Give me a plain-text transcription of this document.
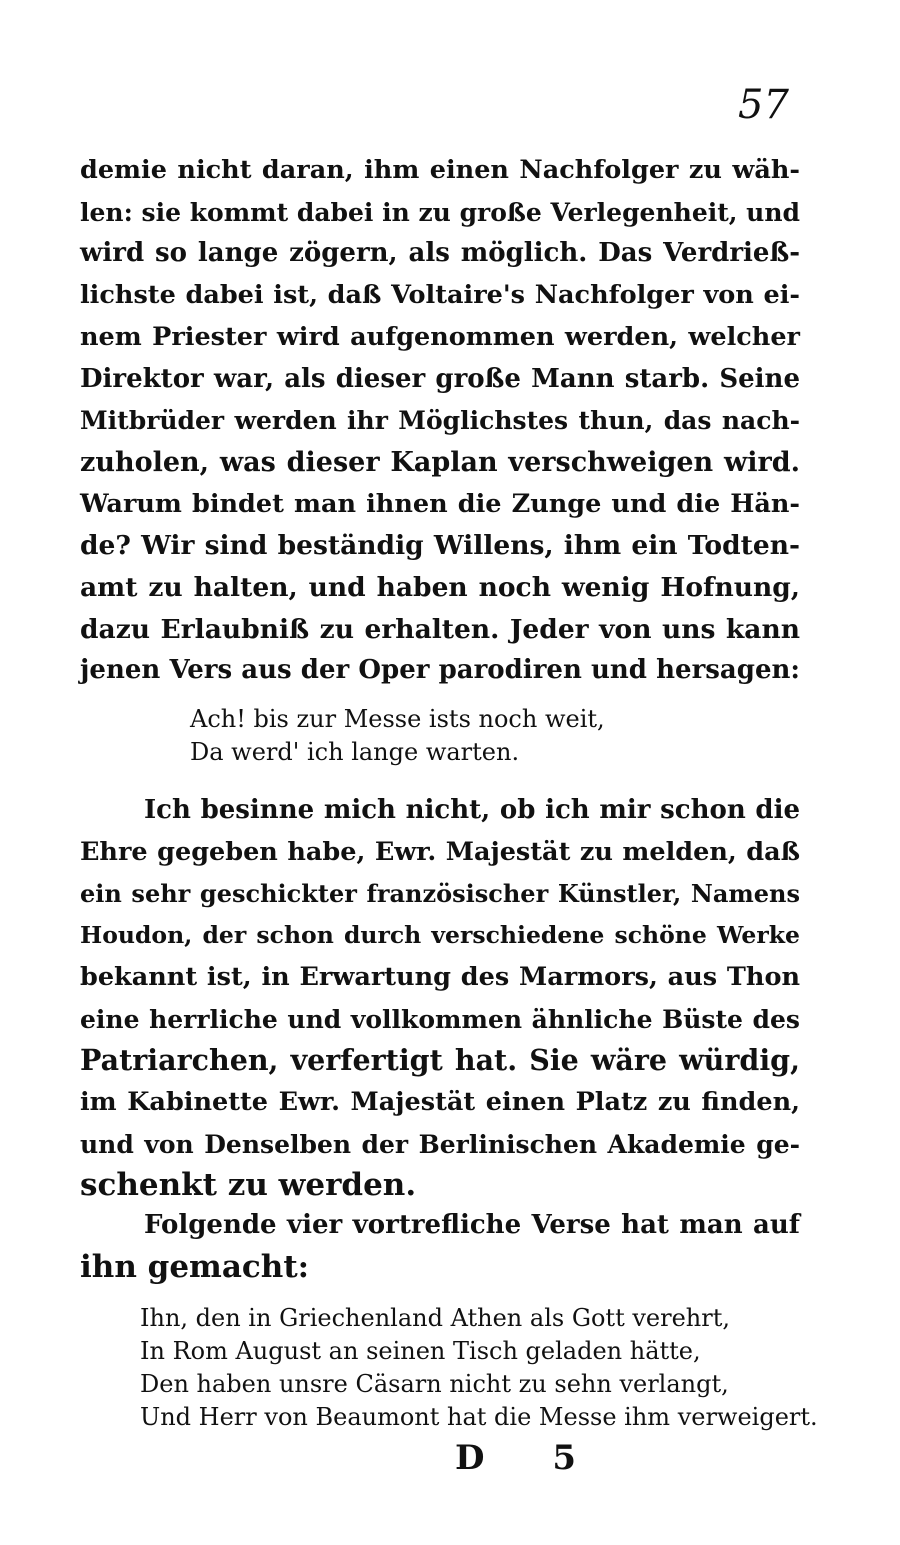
57
demie nicht daran, ihm einen Nachfolger zu wäh-
len: sie kommt dabei in zu große Verlegenheit, und
wird so lange zögern, als möglich. Das Verdrieß-
lichste dabei ist, daß Voltaire's Nachfolger von ei-
nem Priester wird aufgenommen werden, welcher
Direktor war, als dieser große Mann starb. Seine
Mitbrüder werden ihr Möglichstes thun, das nach-
zuholen, was dieser Kaplan verschweigen wird.
Warum bindet man ihnen die Zunge und die Hän-
de? Wir sind beständig Willens, ihm ein Todten-
amt zu halten, und haben noch wenig Hofnung,
dazu Erlaubniß zu erhalten. Jeder von uns kann
jenen Vers aus der Oper parodiren und hersagen:
Ach! bis zur Messe ists noch weit,
Da werd' ich lange warten.
Ich besinne mich nicht, ob ich mir schon die
Ehre gegeben habe, Ewr. Majestät zu melden, daß
ein sehr geschickter französischer Künstler, Namens
Houdon, der schon durch verschiedene schöne Werke
bekannt ist, in Erwartung des Marmors, aus Thon
eine herrliche und vollkommen ähnliche Büste des
Patriarchen, verfertigt hat. Sie wäre würdig,
im Kabinette Ewr. Majestät einen Platz zu finden,
und von Denselben der Berlinischen Akademie ge-
schenkt zu werden.
Folgende vier vortrefliche Verse hat man auf
ihn gemacht:
Ihn, den in Griechenland Athen als Gott verehrt,
In Rom August an seinen Tisch geladen hätte,
Den haben unsre Cäsarn nicht zu sehn verlangt,
Und Herr von Beaumont hat die Messe ihm verweigert.
D 5
